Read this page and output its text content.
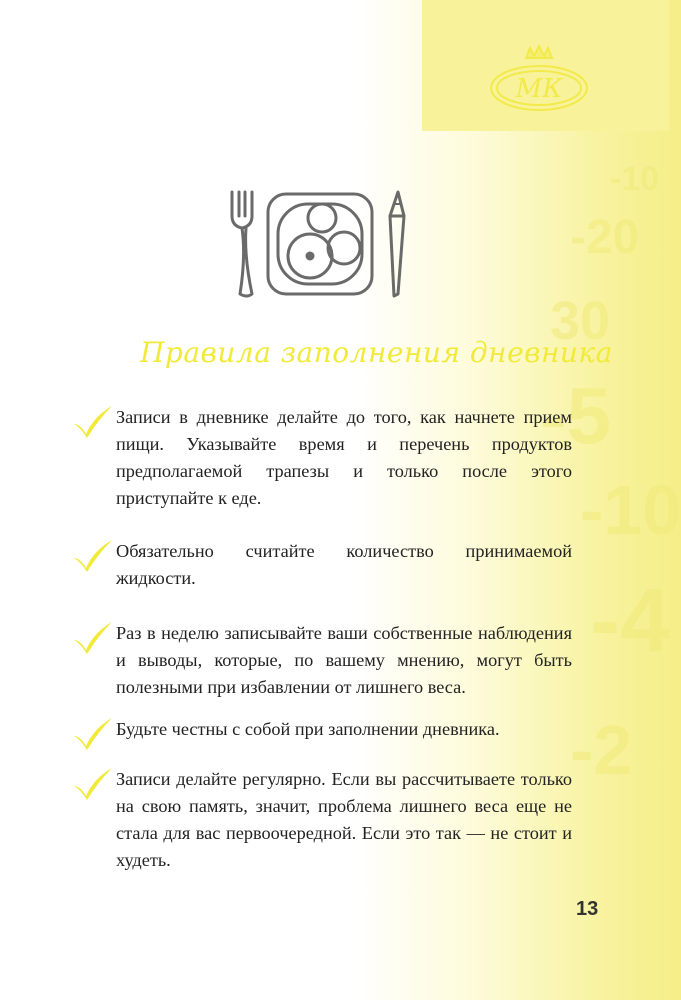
МК
-10
-20
30
-5
-10
-4
-2
Правила заполнения дневника
Записи в дневнике делайте до того, как начнете прием пищи. Указывайте время и перечень продуктов предполагаемой трапезы и только после этого приступайте к еде.
Обязательно считайте количество принимаемой жидкости.
Раз в неделю записывайте ваши собственные наблюдения и выводы, которые, по вашему мнению, могут быть полезными при избавлении от лишнего веса.
Будьте честны с собой при заполнении дневника.
Записи делайте регулярно. Если вы рассчитываете только на свою память, значит, проблема лишнего веса еще не стала для вас первоочередной. Если это так — не стоит и худеть.
13
